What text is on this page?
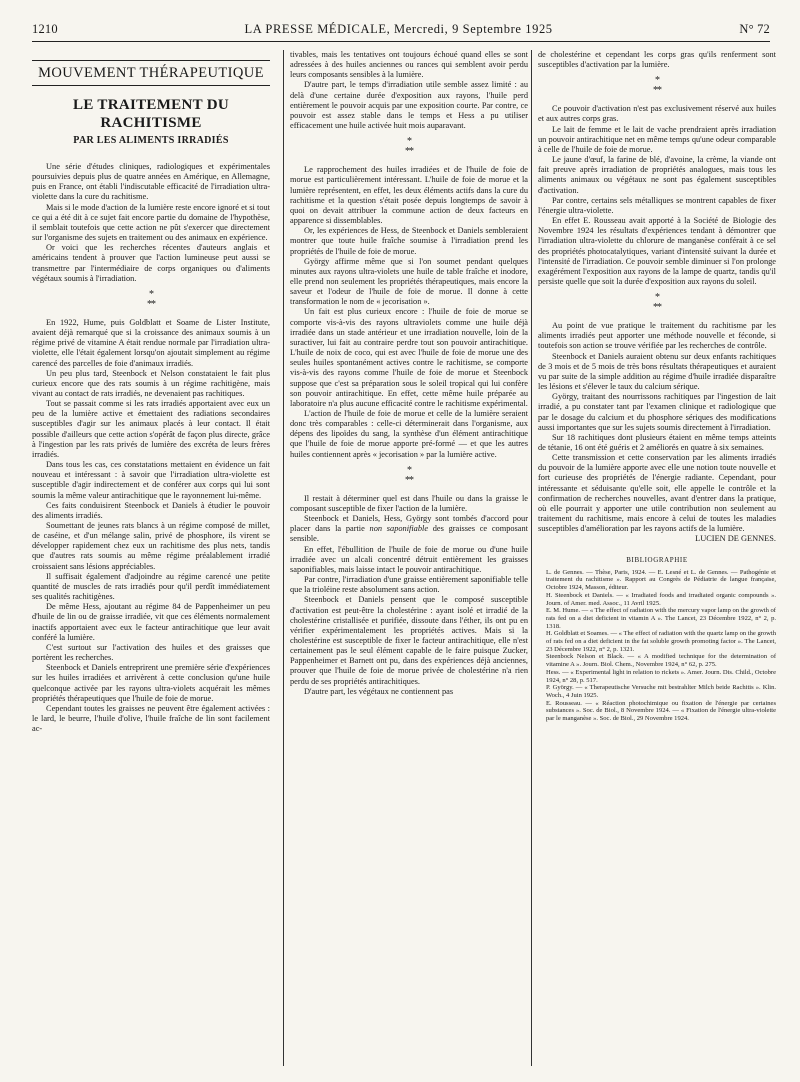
1210	LA PRESSE MÉDICALE, Mercredi, 9 Septembre 1925	N° 72
MOUVEMENT THÉRAPEUTIQUE
LE TRAITEMENT DU RACHITISME
PAR LES ALIMENTS IRRADIÉS

Une série d'études cliniques, radiologiques et expérimentales poursuivies depuis plus de quatre années en Amérique, en Allemagne, puis en France, ont établi l'indiscutable efficacité de l'irradiation ultra-violette dans la cure du rachitisme.

Mais si le mode d'action de la lumière reste encore ignoré et si tout ce qui a été dit à ce sujet fait encore partie du domaine de l'hypothèse, il semblait toutefois que cette action ne pût s'exercer que directement sur l'organisme des sujets en traitement ou des animaux en expérience.

Or voici que les recherches récentes d'auteurs anglais et américains tendent à prouver que l'action lumineuse peut aussi se transmettre par l'intermédiaire de corps organiques ou d'aliments végétaux soumis à l'irradiation.

*
**

En 1922, Hume, puis Goldblatt et Soame de Lister Institute, avaient déjà remarqué que si la croissance des animaux soumis à un régime privé de vitamine A était rendue normale par l'irradiation ultra-violette, elle l'était également lorsqu'on ajoutait simplement au régime carencé des parcelles de foie d'animaux irradiés.

Un peu plus tard, Steenbock et Nelson constataient le fait plus curieux encore que des rats soumis à un régime rachitigène, mais vivant au contact de rats irradiés, ne devenaient pas rachitiques.

Tout se passait comme si les rats irradiés apportaient avec eux un peu de la lumière active et émettaient des radiations secondaires susceptibles d'agir sur les animaux placés à leur contact. Il était possible d'ailleurs que cette action s'opérât de façon plus directe, grâce à l'ingestion par les rats privés de lumière des excréta de leurs frères irradiés.

Dans tous les cas, ces constatations mettaient en évidence un fait nouveau et intéressant : à savoir que l'irradiation ultra-violette est susceptible d'agir indirectement et de conférer aux corps qui lui sont soumis la même valeur antirachitique que le rayonnement lui-même.

Ces faits conduisirent Steenbock et Daniels à étudier le pouvoir des aliments irradiés.

Soumettant de jeunes rats blancs à un régime composé de millet, de caséine, et d'un mélange salin, privé de phosphore, ils virent se développer rapidement chez eux un rachitisme des plus nets, tandis que d'autres rats soumis au même régime préalablement irradié croissaient sans lésions appréciables.

Il suffisait également d'adjoindre au régime carencé une petite quantité de muscles de rats irradiés pour qu'il perdît immédiatement ses qualités rachitigènes.

De même Hess, ajoutant au régime 84 de Pappenheimer un peu d'huile de lin ou de graisse irradiée, vit que ces éléments normalement inactifs apportaient avec eux le facteur antirachitique que leur avait conféré la lumière.

C'est surtout sur l'activation des huiles et des graisses que portèrent les recherches.

Steenbock et Daniels entreprirent une première série d'expériences sur les huiles irradiées et arrivèrent à cette conclusion qu'une huile quelconque activée par les rayons ultra-violets acquérait les mêmes propriétés thérapeutiques que l'huile de foie de morue.

Cependant toutes les graisses ne peuvent être également activées : le lard, le beurre, l'huile d'olive, l'huile fraîche de lin sont facilement ac-

tivables, mais les tentatives ont toujours échoué quand elles se sont adressées à des huiles anciennes ou rances qui semblent avoir perdu leurs composants sensibles à la lumière.

D'autre part, le temps d'irradiation utile semble assez limité : au delà d'une certaine durée d'exposition aux rayons, l'huile perd entièrement le pouvoir acquis par une exposition courte. Par contre, ce pouvoir est assez stable dans le temps et Hess a pu utiliser efficacement une huile activée huit mois auparavant.

*
**

Le rapprochement des huiles irradiées et de l'huile de foie de morue est particulièrement intéressant. L'huile de foie de morue et la lumière représentent, en effet, les deux éléments actifs dans la cure du rachitisme et la question s'était posée depuis longtemps de savoir à quoi on devait attribuer la commune action de deux facteurs en apparence si dissemblables.

Or, les expériences de Hess, de Steenbock et Daniels sembleraient montrer que toute huile fraîche soumise à l'irradiation prend les propriétés de l'huile de foie de morue.

György affirme même que si l'on soumet pendant quelques minutes aux rayons ultra-violets une huile de table fraîche et inodore, elle prend non seulement les propriétés thérapeutiques, mais encore la saveur et l'odeur de l'huile de foie de morue. Il donne à cette transformation le nom de « jecorisation ».

Un fait est plus curieux encore : l'huile de foie de morue se comporte vis-à-vis des rayons ultraviolets comme une huile déjà irradiée dans un stade antérieur et une irradiation nouvelle, loin de la suractiver, lui fait au contraire perdre tout son pouvoir antirachitique. L'huile de noix de coco, qui est avec l'huile de foie de morue une des seules huiles spontanément actives contre le rachitisme, se comporte vis-à-vis des rayons comme l'huile de foie de morue et Steenbock suppose que c'est sa préparation sous le soleil tropical qui lui confère son pouvoir antirachitique. En effet, cette même huile préparée au laboratoire n'a plus aucune efficacité contre le rachitisme expérimental.

L'action de l'huile de foie de morue et celle de la lumière seraient donc très comparables : celle-ci déterminerait dans l'organisme, aux dépens des lipoïdes du sang, la synthèse d'un élément antirachitique que l'huile de foie de morue apporte pré-formé — et que les autres huiles contiennent après « jecorisation » par la lumière active.

*
**

Il restait à déterminer quel est dans l'huile ou dans la graisse le composant susceptible de fixer l'action de la lumière.

Steenbock et Daniels, Hess, György sont tombés d'accord pour placer dans la partie non saponifiable des graisses ce composant sensible.

En effet, l'ébullition de l'huile de foie de morue ou d'une huile irradiée avec un alcali concentré détruit entièrement les graisses saponifiables, mais laisse intact le pouvoir antirachitique.

Par contre, l'irradiation d'une graisse entièrement saponifiable telle que la trioléine reste absolument sans action.

Steenbock et Daniels pensent que le composé susceptible d'activation est peut-être la cholestérine : ayant isolé et irradié de la cholestérine cristallisée et purifiée, dissoute dans l'éther, ils ont pu en vérifier expérimentalement les propriétés actives. Mais si la cholestérine est susceptible de fixer le facteur antirachitique, elle n'est certainement pas le seul élément capable de le faire puisque Zucker, Pappenheimer et Barnett ont pu, dans des expériences déjà anciennes, prouver que l'huile de foie de morue privée de cholestérine n'a rien perdu de ses propriétés antirachitiques.

D'autre part, les végétaux ne contiennent pas

de cholestérine et cependant les corps gras qu'ils renferment sont susceptibles d'activation par la lumière.

*
**

Ce pouvoir d'activation n'est pas exclusivement réservé aux huiles et aux autres corps gras.

Le lait de femme et le lait de vache prendraient après irradiation un pouvoir antirachitique net en même temps qu'une odeur comparable à celle de l'huile de foie de morue.

Le jaune d'œuf, la farine de blé, d'avoine, la crème, la viande ont fait preuve après irradiation de propriétés analogues, mais tous les aliments animaux ou végétaux ne sont pas également susceptibles d'activation.

Par contre, certains sels métalliques se montrent capables de fixer l'énergie ultra-violette.

En effet E. Rousseau avait apporté à la Société de Biologie des Novembre 1924 les résultats d'expériences tendant à démontrer que l'irradiation ultra-violette du chlorure de manganèse conférait à ce sel des propriétés photocatalytiques, variant d'intensité suivant la durée et l'intensité de l'irradiation. Ce pouvoir semble diminuer si l'on prolonge exagérément l'exposition aux rayons de la lampe de quartz, tandis qu'il persiste quelle que soit la durée d'exposition aux rayons du soleil.

*
**

Au point de vue pratique le traitement du rachitisme par les aliments irradiés peut apporter une méthode nouvelle et féconde, si toutefois son action se trouve vérifiée par les recherches de contrôle.

Steenbock et Daniels auraient obtenu sur deux enfants rachitiques de 3 mois et de 5 mois de très bons résultats thérapeutiques et auraient vu par suite de la simple addition au régime d'huile irradiée disparaître les lésions et s'élever le taux du calcium sérique.

György, traitant des nourrissons rachitiques par l'ingestion de lait irradié, a pu constater tant par l'examen clinique et radiologique que par le dosage du calcium et du phosphore sériques des modifications aussi importantes que sur les sujets soumis directement à l'irradiation.

Sur 18 rachitiques dont plusieurs étaient en même temps atteints de tétanie, 16 ont été guéris et 2 améliorés en quatre à six semaines.

Cette transmission et cette conservation par les aliments irradiés du pouvoir de la lumière apporte avec elle une notion toute nouvelle et fort curieuse des propriétés de l'énergie radiante. Cependant, pour intéressante et séduisante qu'elle soit, elle appelle le contrôle et la confirmation de recherches nouvelles, avant d'entrer dans la pratique, où elle pourrait y apporter une utile contribution non seulement au traitement du rachitisme, mais encore à celui de toutes les maladies susceptibles d'amélioration par les rayons actifs de la lumière.

LUCIEN DE GENNES.

BIBLIOGRAPHIE

L. de Gennes. — Thèse, Paris, 1924. — E. Lesné et L. de Gennes. — Pathogénie et traitement du rachitisme ». Rapport au Congrès de Pédiatrie de langue française, Octobre 1924, Masson, éditeur.

H. Steenbock et Daniels. — « Irradiated foods and irradiated organic compounds ». Journ. of Amer. med. Assoc., 11 Avril 1925.

E. M. Hume. — « The effect of radiation with the mercury vapor lamp on the growth of rats fed on a diet deficient in vitamin A ». The Lancet, 23 Décembre 1922, n° 2, p. 1318.

H. Goldblatt et Soames. — « The effect of radiation with the quartz lamp on the growth of rats fed on a diet deficient in the fat soluble growth promoting factor ». The Lancet, 23 Décembre 1922, n° 2, p. 1321.

Steenbock Nelson et Black. — « A modified technique for the determination of vitamine A ». Journ. Biol. Chem., Novembre 1924, n° 62, p. 275.

Hess. — « Experimental light in relation to rickets ». Amer. Journ. Dis. Child., Octobre 1924, n° 28, p. 517.

P. György. — « Therapeutische Versuche mit bestrahlter Milch beide Rachitis ». Klin. Woch., 4 Juin 1925.

E. Rousseau. — « Réaction photochimique ou fixation de l'énergie par certaines substances ». Soc. de Biol., 8 Novembre 1924. — « Fixation de l'énergie ultra-violette par le manganèse ». Soc. de Biol., 29 Novembre 1924.
